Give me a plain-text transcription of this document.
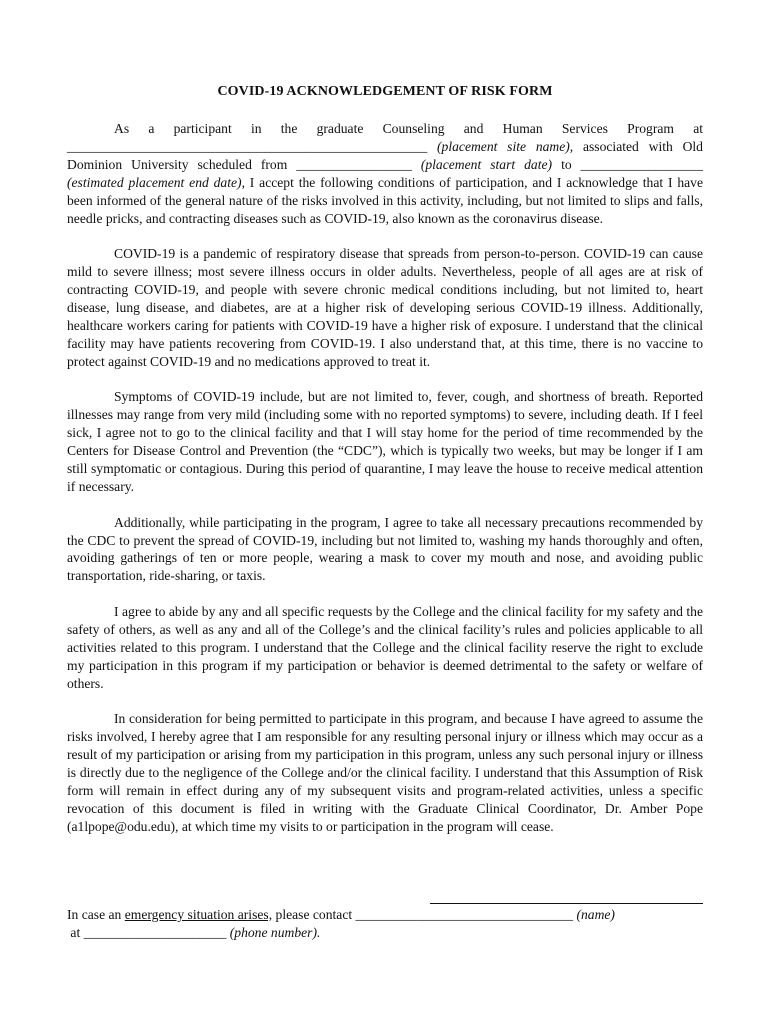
COVID-19 ACKNOWLEDGEMENT OF RISK FORM

As a participant in the graduate Counseling and Human Services Program at _____________________________________________________ (placement site name), associated with Old Dominion University scheduled from _________________ (placement start date) to __________________ (estimated placement end date), I accept the following conditions of participation, and I acknowledge that I have been informed of the general nature of the risks involved in this activity, including, but not limited to slips and falls, needle pricks, and contracting diseases such as COVID-19, also known as the coronavirus disease.

COVID-19 is a pandemic of respiratory disease that spreads from person-to-person. COVID-19 can cause mild to severe illness; most severe illness occurs in older adults. Nevertheless, people of all ages are at risk of contracting COVID-19, and people with severe chronic medical conditions including, but not limited to, heart disease, lung disease, and diabetes, are at a higher risk of developing serious COVID-19 illness. Additionally, healthcare workers caring for patients with COVID-19 have a higher risk of exposure. I understand that the clinical facility may have patients recovering from COVID-19. I also understand that, at this time, there is no vaccine to protect against COVID-19 and no medications approved to treat it.

Symptoms of COVID-19 include, but are not limited to, fever, cough, and shortness of breath. Reported illnesses may range from very mild (including some with no reported symptoms) to severe, including death. If I feel sick, I agree not to go to the clinical facility and that I will stay home for the period of time recommended by the Centers for Disease Control and Prevention (the “CDC”), which is typically two weeks, but may be longer if I am still symptomatic or contagious. During this period of quarantine, I may leave the house to receive medical attention if necessary.

Additionally, while participating in the program, I agree to take all necessary precautions recommended by the CDC to prevent the spread of COVID-19, including but not limited to, washing my hands thoroughly and often, avoiding gatherings of ten or more people, wearing a mask to cover my mouth and nose, and avoiding public transportation, ride-sharing, or taxis.

I agree to abide by any and all specific requests by the College and the clinical facility for my safety and the safety of others, as well as any and all of the College’s and the clinical facility’s rules and policies applicable to all activities related to this program. I understand that the College and the clinical facility reserve the right to exclude my participation in this program if my participation or behavior is deemed detrimental to the safety or welfare of others.

In consideration for being permitted to participate in this program, and because I have agreed to assume the risks involved, I hereby agree that I am responsible for any resulting personal injury or illness which may occur as a result of my participation or arising from my participation in this program, unless any such personal injury or illness is directly due to the negligence of the College and/or the clinical facility. I understand that this Assumption of Risk form will remain in effect during any of my subsequent visits and program-related activities, unless a specific revocation of this document is filed in writing with the Graduate Clinical Coordinator, Dr. Amber Pope (a1lpope@odu.edu), at which time my visits to or participation in the program will cease.

In case an emergency situation arises, please contact ________________________________ (name)
at _____________________ (phone number).
